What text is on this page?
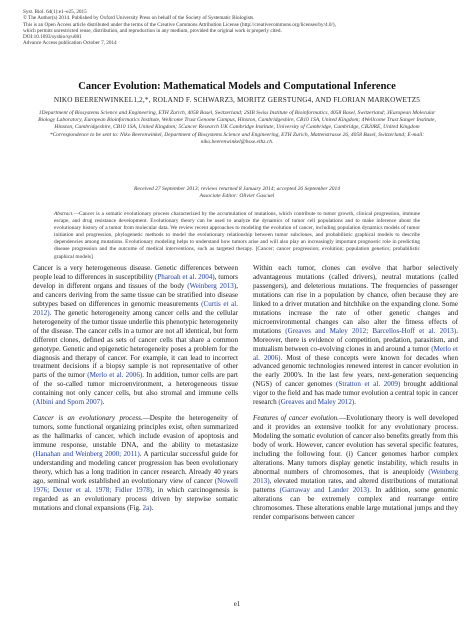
Syst. Biol. 64(1):e1–e25, 2015
© The Author(s) 2014. Published by Oxford University Press on behalf of the Society of Systematic Biologists.
This is an Open Access article distributed under the terms of the Creative Commons Attribution License (http://creativecommons.org/licenses/by/4.0/),
which permits unrestricted reuse, distribution, and reproduction in any medium, provided the original work is properly cited.
DOI:10.1093/sysbio/syu081
Advance Access publication October 7, 2014
Cancer Evolution: Mathematical Models and Computational Inference
NIKO BEERENWINKEL1,2,*, ROLAND F. SCHWARZ3, MORITZ GERSTUNG4, AND FLORIAN MARKOWETZ5
1Department of Biosystems Science and Engineering, ETH Zurich, 4058 Basel, Switzerland; 2SIB Swiss Institute of Bioinformatics, 4058 Basel, Switzerland; 3European Molecular Biology Laboratory, European Bioinformatics Institute, Wellcome Trust Genome Campus, Hinxton, Cambridgeshire, CB10 1SA, United Kingdom; 4Wellcome Trust Sanger Institute, Hinxton, Cambridgeshire, CB10 1SA, United Kingdom; 5Cancer Research UK Cambridge Institute, University of Cambridge, Cambridge, CB20RE, United Kingdom
*Correspondence to be sent to: Niko Beerenwinkel, Department of Biosystems Science and Engineering, ETH Zurich, Mattenstrasse 26, 4058 Basel, Switzerland; E-mail: niko.beerenwinkel@bsse.ethz.ch.
Received 27 September 2013; reviews returned 8 January 2014; accepted 26 September 2014
Associate Editor: Olivier Gascuel
Abstract.—Cancer is a somatic evolutionary process characterized by the accumulation of mutations, which contribute to tumor growth, clinical progression, immune escape, and drug resistance development. Evolutionary theory can be used to analyze the dynamics of tumor cell populations and to make inference about the evolutionary history of a tumor from molecular data. We review recent approaches to modeling the evolution of cancer, including population dynamics models of tumor initiation and progression, phylogenetic methods to model the evolutionary relationship between tumor subclones, and probabilistic graphical models to describe dependencies among mutations. Evolutionary modeling helps to understand how tumors arise and will also play an increasingly important prognostic role in predicting disease progression and the outcome of medical interventions, such as targeted therapy. [Cancer; cancer progression; evolution; population genetics; probabilistic graphical models]

Cancer is a very heterogeneous disease. Genetic differences between people lead to differences in susceptibility (Pharoah et al. 2004), tumors develop in different organs and tissues of the body (Weinberg 2013), and cancers deriving from the same tissue can be stratified into disease subtypes based on differences in genomic measurements (Curtis et al. 2012). The genetic heterogeneity among cancer cells and the cellular heterogeneity of the tumor tissue underlie this phenotypic heterogeneity of the disease. The cancer cells in a tumor are not all identical, but form different clones, defined as sets of cancer cells that share a common genotype. Genetic and epigenetic heterogeneity poses a problem for the diagnosis and therapy of cancer. For example, it can lead to incorrect treatment decisions if a biopsy sample is not representative of other parts of the tumor (Merlo et al. 2006). In addition, tumor cells are part of the so-called tumor microenvironment, a heterogeneous tissue containing not only cancer cells, but also stromal and immune cells (Albini and Sporn 2007).

Cancer is an evolutionary process.—Despite the heterogeneity of tumors, some functional organizing principles exist, often summarized as the hallmarks of cancer, which include evasion of apoptosis and immune response, unstable DNA, and the ability to metastasize (Hanahan and Weinberg 2000; 2011). A particular successful guide for understanding and modeling cancer progression has been evolutionary theory, which has a long tradition in cancer research. Already 40 years ago, seminal work established an evolutionary view of cancer (Nowell 1976; Dexter et al. 1978; Fidler 1978), in which carcinogenesis is regarded as an evolutionary process driven by stepwise somatic mutations and clonal expansions (Fig. 2a).

Within each tumor, clones can evolve that harbor selectively advantageous mutations (called drivers), neutral mutations (called passengers), and deleterious mutations. The frequencies of passenger mutations can rise in a population by chance, often because they are linked to a driver mutation and hitchhike on the expanding clone. Some mutations increase the rate of other genetic changes and microenvironmental changes can also alter the fitness effects of mutations (Greaves and Maley 2012; Barcellos-Hoff et al. 2013). Moreover, there is evidence of competition, predation, parasitism, and mutualism between co-evolving clones in and around a tumor (Merlo et al. 2006). Most of these concepts were known for decades when advanced genomic technologies renewed interest in cancer evolution in the early 2000's. In the last few years, next-generation sequencing (NGS) of cancer genomes (Stratton et al. 2009) brought additional vigor to the field and has made tumor evolution a central topic in cancer research (Greaves and Maley 2012).

Features of cancer evolution.—Evolutionary theory is well developed and it provides an extensive toolkit for any evolutionary process. Modeling the somatic evolution of cancer also benefits greatly from this body of work. However, cancer evolution has several specific features, including the following four. (i) Cancer genomes harbor complex alterations. Many tumors display genetic instability, which results in abnormal numbers of chromosomes, that is aneuploidy (Weinberg 2013), elevated mutation rates, and altered distributions of mutational patterns (Garraway and Lander 2013). In addition, some genomic alterations can be extremely complex and rearrange entire chromosomes. These alterations enable large mutational jumps and they render comparisons between cancer

e1
